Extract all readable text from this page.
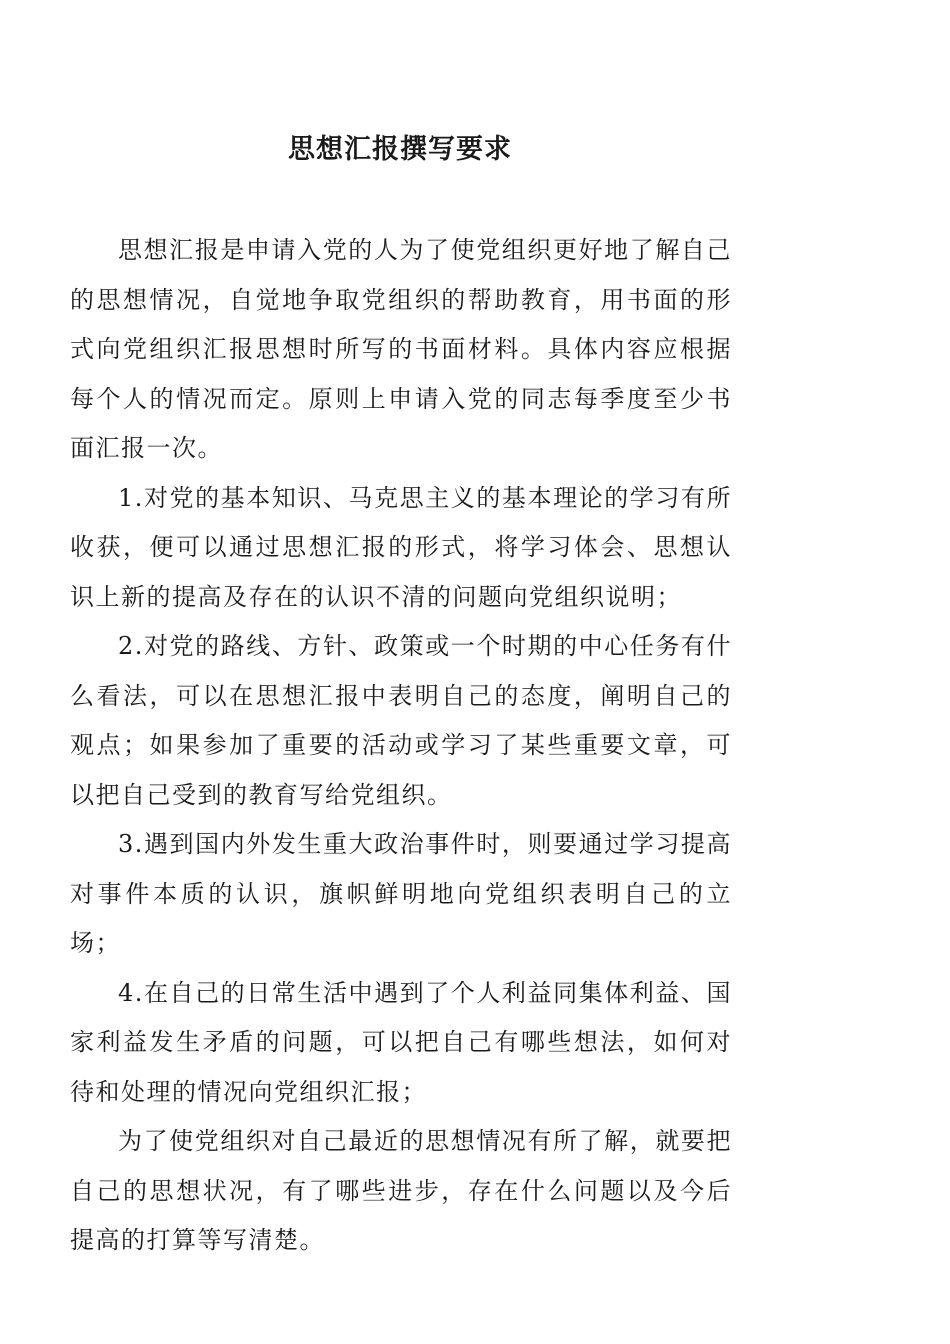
思想汇报撰写要求

思想汇报是申请入党的人为了使党组织更好地了解自己的思想情况，自觉地争取党组织的帮助教育，用书面的形式向党组织汇报思想时所写的书面材料。具体内容应根据每个人的情况而定。原则上申请入党的同志每季度至少书面汇报一次。

1.对党的基本知识、马克思主义的基本理论的学习有所收获，便可以通过思想汇报的形式，将学习体会、思想认识上新的提高及存在的认识不清的问题向党组织说明；

2.对党的路线、方针、政策或一个时期的中心任务有什么看法，可以在思想汇报中表明自己的态度，阐明自己的观点；如果参加了重要的活动或学习了某些重要文章，可以把自己受到的教育写给党组织。

3.遇到国内外发生重大政治事件时，则要通过学习提高对事件本质的认识，旗帜鲜明地向党组织表明自己的立场；

4.在自己的日常生活中遇到了个人利益同集体利益、国家利益发生矛盾的问题，可以把自己有哪些想法，如何对待和处理的情况向党组织汇报；

为了使党组织对自己最近的思想情况有所了解，就要把自己的思想状况，有了哪些进步，存在什么问题以及今后提高的打算等写清楚。
